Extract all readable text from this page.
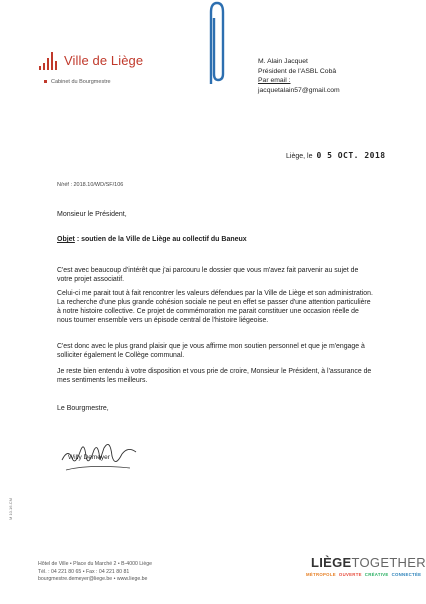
Ville de Liège
Cabinet du Bourgmestre
M. Alain Jacquet
Président de l'ASBL Cobâ
Par email :
jacquetalain57@gmail.com
Liège, le 0 5 OCT. 2018
N/réf : 2018.10/WD/SF/106
Monsieur le Président,
Objet : soutien de la Ville de Liège au collectif du Baneux
C'est avec beaucoup d'intérêt que j'ai parcouru le dossier que vous m'avez fait parvenir au sujet de votre projet associatif.
Celui-ci me parait tout à fait rencontrer les valeurs défendues par la Ville de Liège et son administration. La recherche d'une plus grande cohésion sociale ne peut en effet se passer d'une attention particulière à notre histoire collective. Ce projet de commémoration me parait constituer une occasion réelle de nous tourner ensemble vers un épisode central de l'histoire liégeoise.
C'est donc avec le plus grand plaisir que je vous affirme mon soutien personnel et que je m'engage à solliciter également le Collège communal.
Je reste bien entendu à votre disposition et vous prie de croire, Monsieur le Président, à l'assurance de mes sentiments les meilleurs.
Le Bourgmestre,
Willy Demeyer
M 10.16-CM
Hôtel de Ville • Place du Marché 2 • B-4000 Liège
Tél. : 04 221 80 65 • Fax : 04 221 80 81
bourgmestre.demeyer@liege.be • www.liege.be
LIÈGETOGETHER
MÉTROPOLE OUVERTE CRÉATIVE CONNECTÉE
